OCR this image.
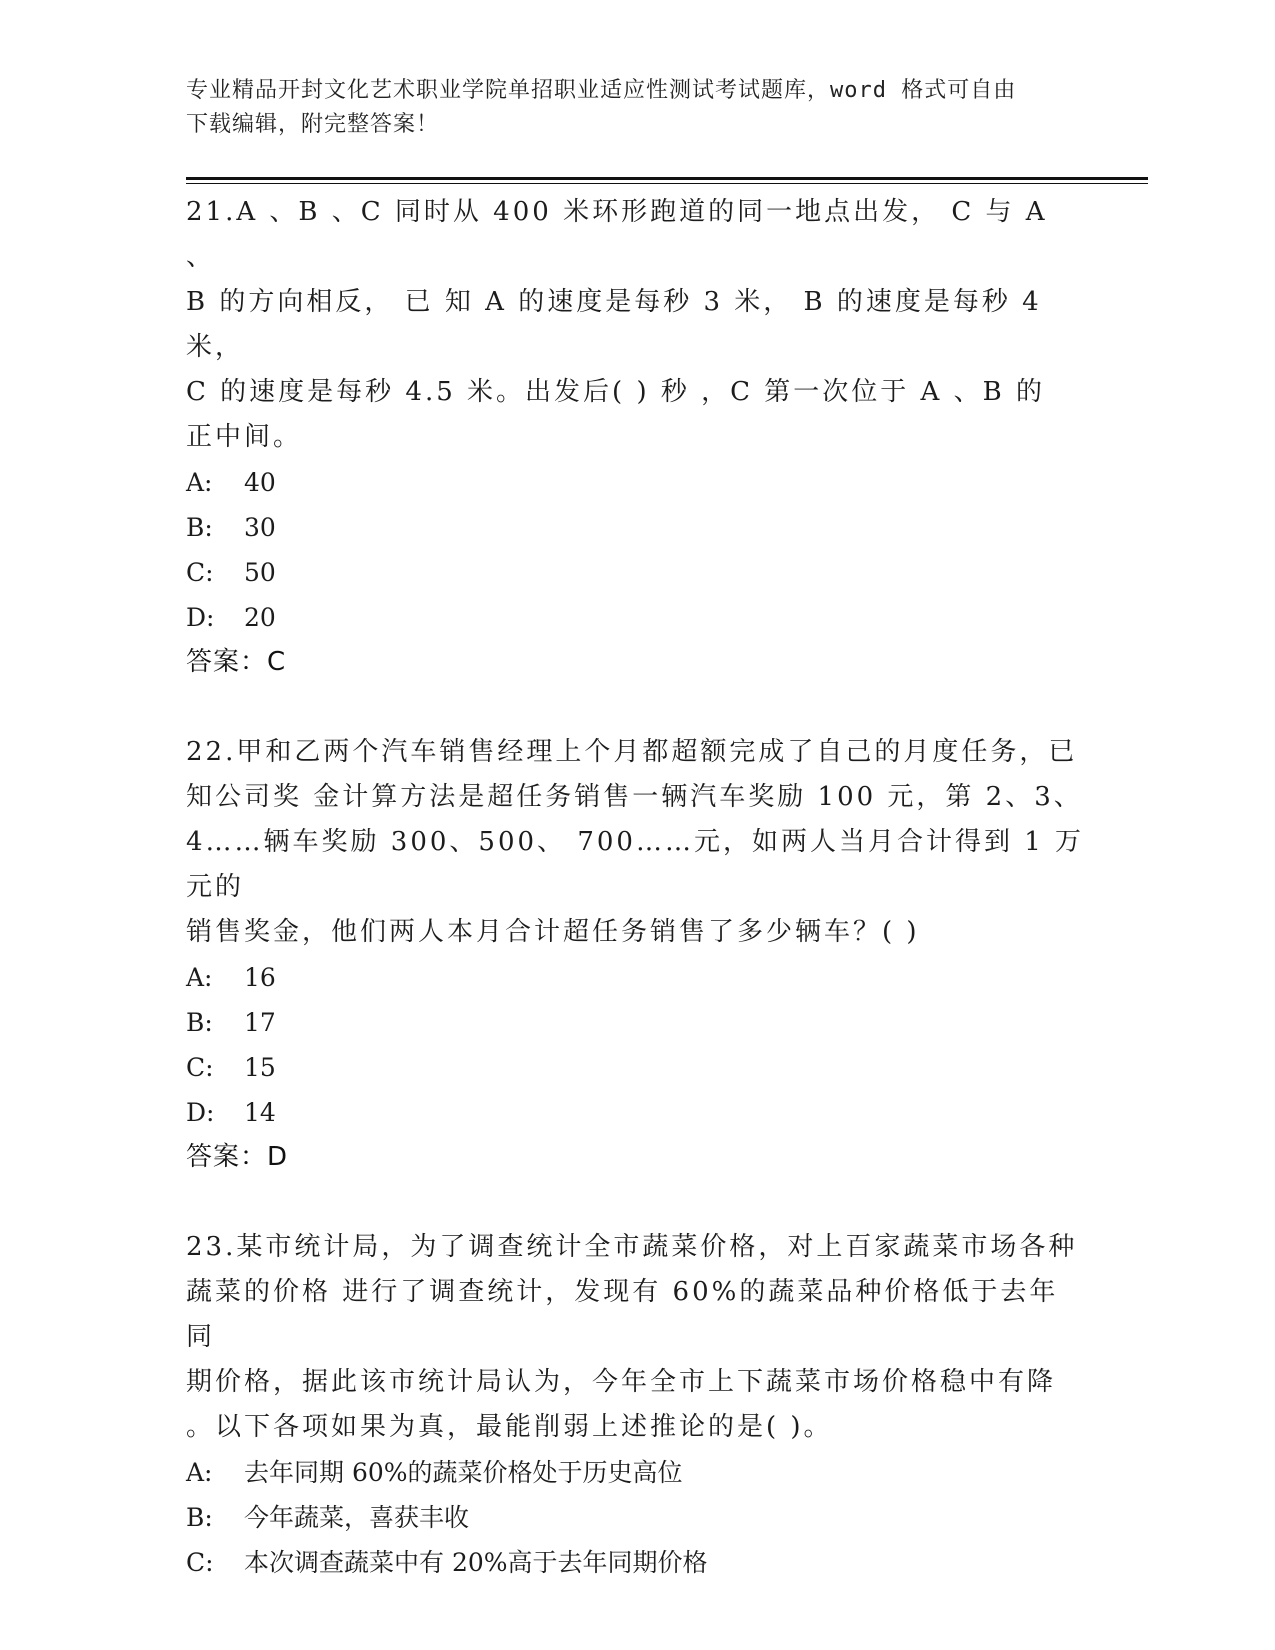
专业精品开封文化艺术职业学院单招职业适应性测试考试题库，word 格式可自由
下载编辑，附完整答案！
21.A 、B 、C 同时从 400 米环形跑道的同一地点出发， C 与 A 、
B 的方向相反， 已 知 A 的速度是每秒 3 米， B 的速度是每秒 4 米，
C 的速度是每秒 4.5 米。出发后( ) 秒 ，C 第一次位于 A 、B 的
正中间。
A: 40
B: 30
C: 50
D: 20
答案：C
22.甲和乙两个汽车销售经理上个月都超额完成了自己的月度任务，已
知公司奖 金计算方法是超任务销售一辆汽车奖励 100 元，第 2、3、
4……辆车奖励 300、500、 700……元，如两人当月合计得到 1 万元的
销售奖金，他们两人本月合计超任务销售了多少辆车？( )
A: 16
B: 17
C: 15
D: 14
答案：D
23.某市统计局，为了调查统计全市蔬菜价格，对上百家蔬菜市场各种
蔬菜的价格 进行了调查统计，发现有 60%的蔬菜品种价格低于去年同
期价格，据此该市统计局认为，今年全市上下蔬菜市场价格稳中有降
。以下各项如果为真，最能削弱上述推论的是( )。
A: 去年同期 60%的蔬菜价格处于历史高位
B: 今年蔬菜，喜获丰收
C: 本次调查蔬菜中有 20%高于去年同期价格
